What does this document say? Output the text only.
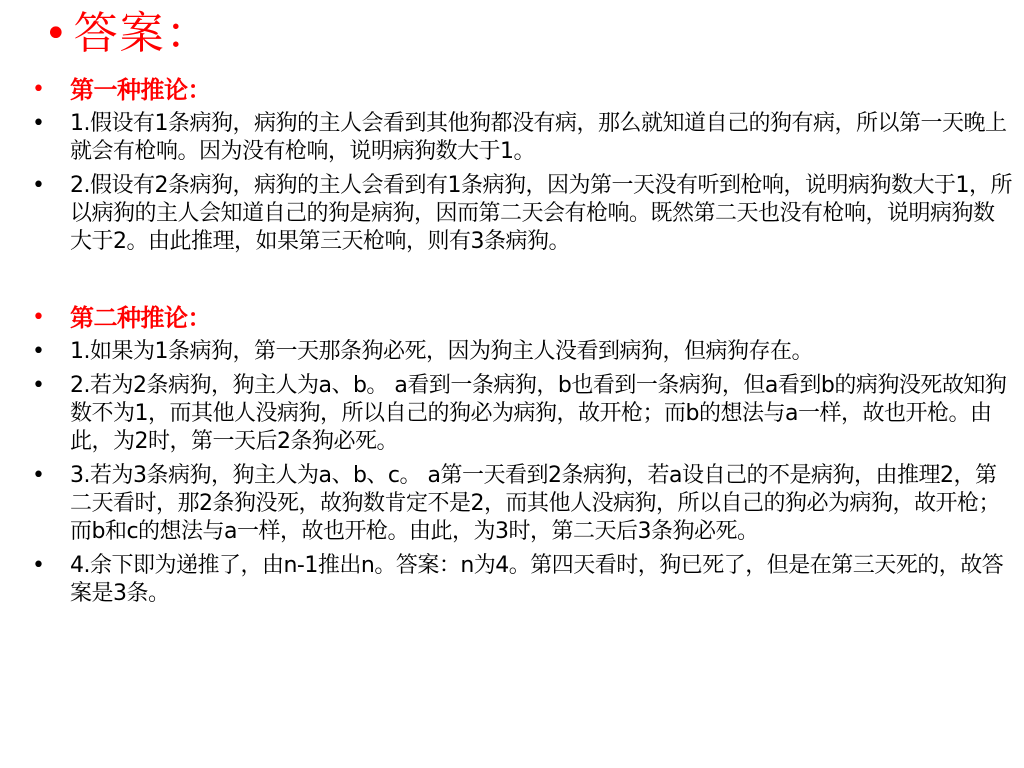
• 答案：
•	第一种推论：
•	1.假设有1条病狗，病狗的主人会看到其他狗都没有病，那么就知道自己的狗有病，所以第一天晚上就会有枪响。因为没有枪响，说明病狗数大于1。
•	2.假设有2条病狗，病狗的主人会看到有1条病狗，因为第一天没有听到枪响，说明病狗数大于1，所以病狗的主人会知道自己的狗是病狗，因而第二天会有枪响。既然第二天也没有枪响，说明病狗数大于2。由此推理，如果第三天枪响，则有3条病狗。
•	第二种推论：
•	1.如果为1条病狗，第一天那条狗必死，因为狗主人没看到病狗，但病狗存在。
•	2.若为2条病狗，狗主人为a、b。 a看到一条病狗，b也看到一条病狗，但a看到b的病狗没死故知狗数不为1，而其他人没病狗，所以自己的狗必为病狗，故开枪；而b的想法与a一样，故也开枪。由此，为2时，第一天后2条狗必死。
•	3.若为3条病狗，狗主人为a、b、c。 a第一天看到2条病狗，若a设自己的不是病狗，由推理2，第二天看时，那2条狗没死，故狗数肯定不是2，而其他人没病狗，所以自己的狗必为病狗，故开枪；而b和c的想法与a一样，故也开枪。由此，为3时，第二天后3条狗必死。
•	4.余下即为递推了，由n-1推出n。答案：n为4。第四天看时，狗已死了，但是在第三天死的，故答案是3条。
